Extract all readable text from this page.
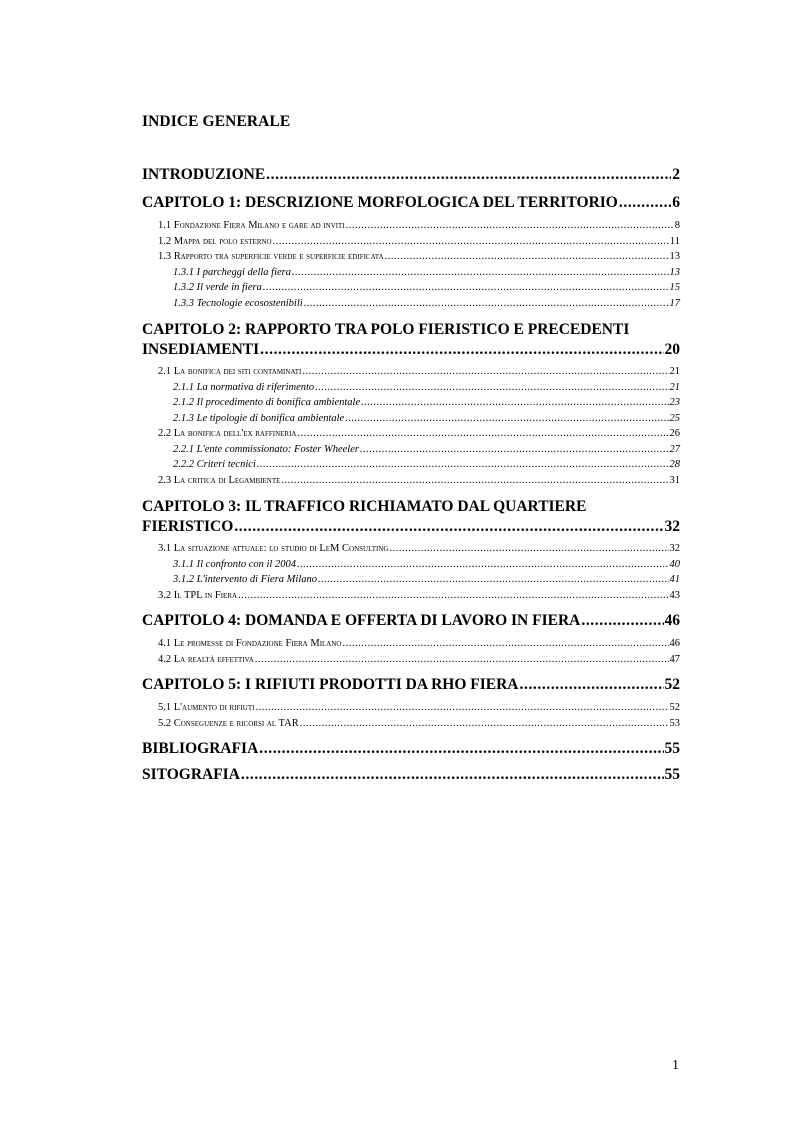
INDICE GENERALE
INTRODUZIONE .....	2
CAPITOLO 1: DESCRIZIONE MORFOLOGICA DEL TERRITORIO .....	6
1.1 Fondazione Fiera Milano e gare ad inviti .....	8
1.2 Mappa del polo esterno .....	11
1.3 Rapporto tra superficie verde e superficie edificata .....	13
1.3.1 I parcheggi della fiera .....	13
1.3.2 Il verde in fiera .....	15
1.3.3 Tecnologie ecosostenibili .....	17
CAPITOLO 2: RAPPORTO TRA POLO FIERISTICO E PRECEDENTI
INSEDIAMENTI .....	20
2.1 La bonifica dei siti contaminati .....	21
2.1.1 La normativa di riferimento .....	21
2.1.2 Il procedimento di bonifica ambientale .....	23
2.1.3 Le tipologie di bonifica ambientale .....	25
2.2 La bonifica dell'ex raffineria .....	26
2.2.1 L'ente commissionato: Foster Wheeler .....	27
2.2.2 Criteri tecnici .....	28
2.3 La critica di Legambiente .....	31
CAPITOLO 3: IL TRAFFICO RICHIAMATO DAL QUARTIERE
FIERISTICO .....	32
3.1 La situazione attuale: lo studio di LeM Consulting .....	32
3.1.1 Il confronto con il 2004 .....	40
3.1.2 L'intervento di Fiera Milano .....	41
3.2 Il TPL in Fiera .....	43
CAPITOLO 4: DOMANDA E OFFERTA DI LAVORO IN FIERA .....	46
4.1 Le promesse di Fondazione Fiera Milano .....	46
4.2 La realtà effettiva .....	47
CAPITOLO 5: I RIFIUTI PRODOTTI DA RHO FIERA .....	52
5.1 L'aumento di rifiuti .....	52
5.2 Conseguenze e ricorsi al TAR .....	53
BIBLIOGRAFIA .....	55
SITOGRAFIA .....	55
1
